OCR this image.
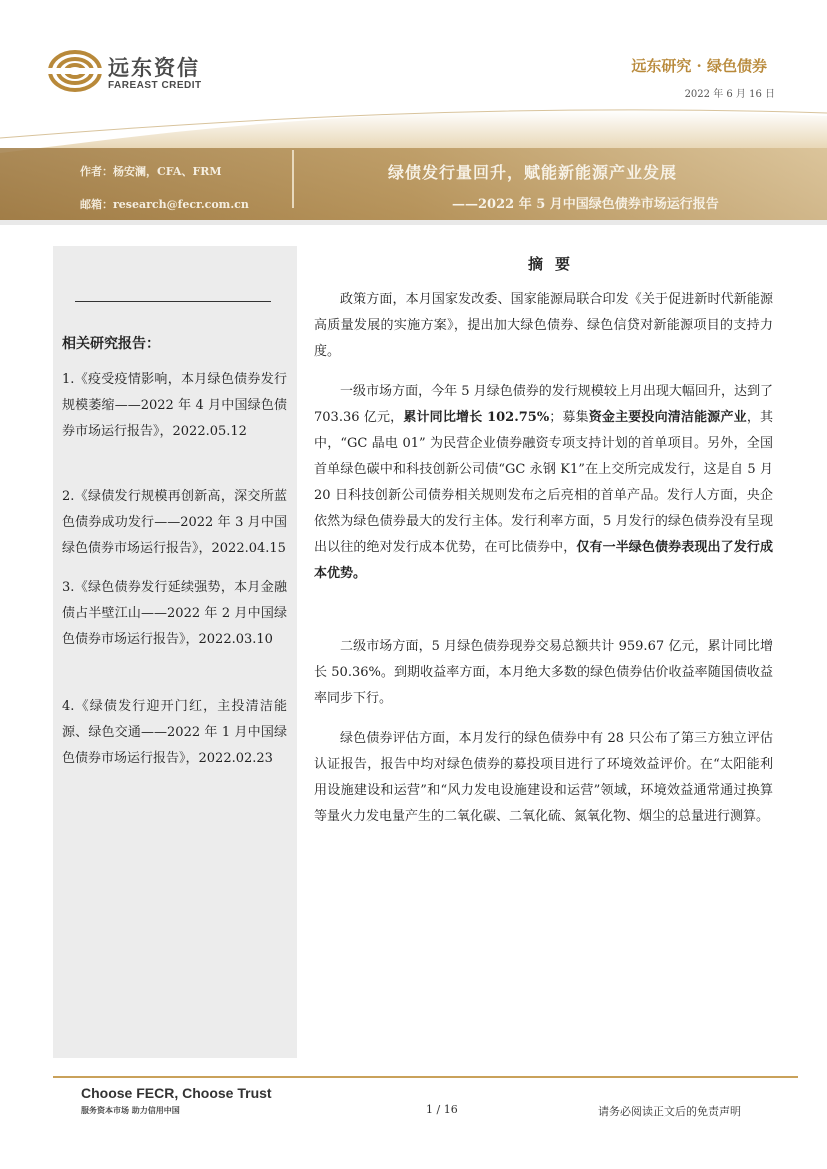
远东资信
FAREAST CREDIT
远东研究 · 绿色债券
2022 年 6 月 16 日
作者：杨安澜，CFA、FRM
邮箱：research@fecr.com.cn
绿债发行量回升，赋能新能源产业发展
——2022 年 5 月中国绿色债券市场运行报告
相关研究报告：
1.《疫受疫情影响，本月绿色债券发行规模萎缩——2022 年 4 月中国绿色债券市场运行报告》，2022.05.12
2.《绿债发行规模再创新高，深交所蓝色债券成功发行——2022 年 3 月中国绿色债券市场运行报告》，2022.04.15
3.《绿色债券发行延续强势，本月金融债占半壁江山——2022 年 2 月中国绿色债券市场运行报告》，2022.03.10
4.《绿债发行迎开门红，主投清洁能源、绿色交通——2022 年 1 月中国绿色债券市场运行报告》，2022.02.23
摘要
政策方面，本月国家发改委、国家能源局联合印发《关于促进新时代新能源高质量发展的实施方案》，提出加大绿色债券、绿色信贷对新能源项目的支持力度。
一级市场方面，今年 5 月绿色债券的发行规模较上月出现大幅回升，达到了 703.36 亿元，累计同比增长 102.75%；募集资金主要投向清洁能源产业，其中，“GC 晶电 01” 为民营企业债券融资专项支持计划的首单项目。另外，全国首单绿色碳中和科技创新公司债“GC 永钢 K1”在上交所完成发行，这是自 5 月 20 日科技创新公司债券相关规则发布之后亮相的首单产品。发行人方面，央企依然为绿色债券最大的发行主体。发行利率方面，5 月发行的绿色债券没有呈现出以往的绝对发行成本优势，在可比债券中，仅有一半绿色债券表现出了发行成本优势。
二级市场方面，5 月绿色债券现券交易总额共计 959.67 亿元，累计同比增长 50.36%。到期收益率方面，本月绝大多数的绿色债券估价收益率随国债收益率同步下行。
绿色债券评估方面，本月发行的绿色债券中有 28 只公布了第三方独立评估认证报告，报告中均对绿色债券的募投项目进行了环境效益评价。在“太阳能利用设施建设和运营”和“风力发电设施建设和运营”领域，环境效益通常通过换算等量火力发电量产生的二氧化碳、二氧化硫、氮氧化物、烟尘的总量进行测算。
Choose FECR, Choose Trust
服务资本市场 助力信用中国	1 / 16	请务必阅读正文后的免责声明
